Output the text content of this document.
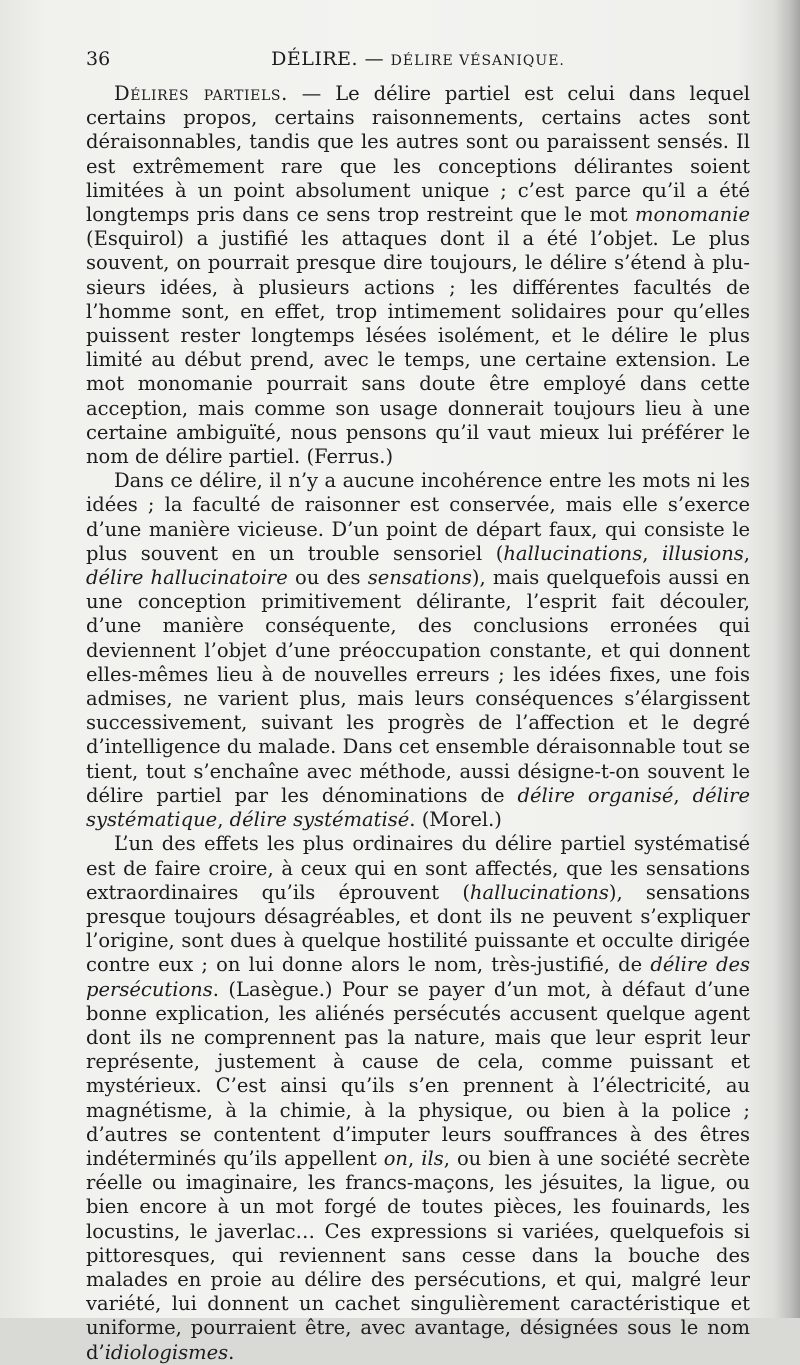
36	DÉLIRE. — DÉLIRE VÉSANIQUE.

Délires partiels. — Le délire partiel est celui dans lequel certains propos, certains raisonnements, certains actes sont déraisonnables, tandis que les autres sont ou paraissent sensés. Il est extrêmement rare que les conceptions délirantes soient limitées à un point absolument unique ; c’est parce qu’il a été longtemps pris dans ce sens trop restreint que le mot monomanie (Esquirol) a justifié les attaques dont il a été l’objet. Le plus souvent, on pourrait presque dire toujours, le délire s’étend à plusieurs idées, à plusieurs actions ; les différentes facultés de l’homme sont, en effet, trop intimement solidaires pour qu’elles puissent rester longtemps lésées isolément, et le délire le plus limité au début prend, avec le temps, une certaine extension. Le mot monomanie pourrait sans doute être employé dans cette acception, mais comme son usage donnerait toujours lieu à une certaine ambiguïté, nous pensons qu’il vaut mieux lui préférer le nom de délire partiel. (Ferrus.)

Dans ce délire, il n’y a aucune incohérence entre les mots ni les idées ; la faculté de raisonner est conservée, mais elle s’exerce d’une manière vicieuse. D’un point de départ faux, qui consiste le plus souvent en un trouble sensoriel (hallucinations, illusions, délire hallucinatoire ou des sensations), mais quelquefois aussi en une conception primitivement délirante, l’esprit fait découler, d’une manière conséquente, des conclusions erronées qui deviennent l’objet d’une préoccupation constante, et qui donnent elles-mêmes lieu à de nouvelles erreurs ; les idées fixes, une fois admises, ne varient plus, mais leurs conséquences s’élargissent successivement, suivant les progrès de l’affection et le degré d’intelligence du malade. Dans cet ensemble déraisonnable tout se tient, tout s’enchaîne avec méthode, aussi désigne-t-on souvent le délire partiel par les dénominations de délire organisé, délire systématique, délire systématisé. (Morel.)

L’un des effets les plus ordinaires du délire partiel systématisé est de faire croire, à ceux qui en sont affectés, que les sensations extraordinaires qu’ils éprouvent (hallucinations), sensations presque toujours désagréables, et dont ils ne peuvent s’expliquer l’origine, sont dues à quelque hostilité puissante et occulte dirigée contre eux ; on lui donne alors le nom, très-justifié, de délire des persécutions. (Lasègue.) Pour se payer d’un mot, à défaut d’une bonne explication, les aliénés persécutés accusent quelque agent dont ils ne comprennent pas la nature, mais que leur esprit leur représente, justement à cause de cela, comme puissant et mystérieux. C’est ainsi qu’ils s’en prennent à l’électricité, au magnétisme, à la chimie, à la physique, ou bien à la police ; d’autres se contentent d’imputer leurs souffrances à des êtres indéterminés qu’ils appellent on, ils, ou bien à une société secrète réelle ou imaginaire, les francs-maçons, les jésuites, la ligue, ou bien encore à un mot forgé de toutes pièces, les fouinards, les locustins, le javerlac… Ces expressions si variées, quelquefois si pittoresques, qui reviennent sans cesse dans la bouche des malades en proie au délire des persécutions, et qui, malgré leur variété, lui donnent un cachet singulièrement caractéristique et uniforme, pourraient être, avec avantage, désignées sous le nom d’idiologismes.
